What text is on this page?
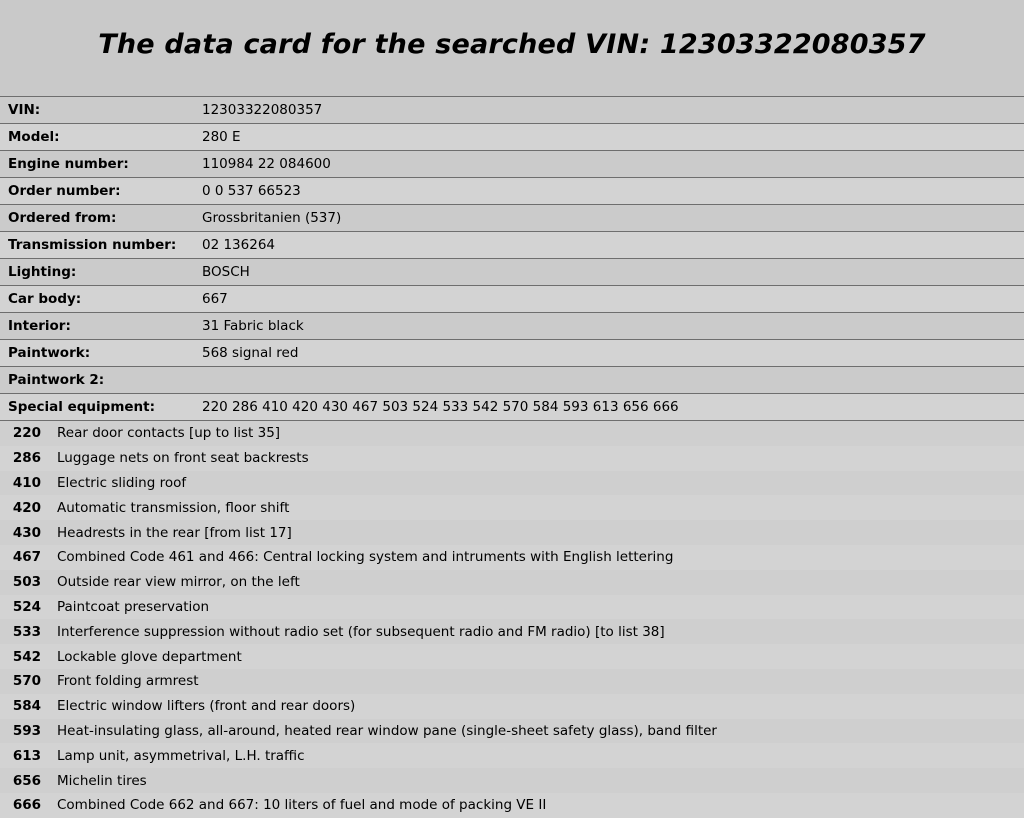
The data card for the searched VIN: 12303322080357
VIN:	12303322080357
Model:	280 E
Engine number:	110984 22 084600
Order number:	0 0 537 66523
Ordered from:	Grossbritanien (537)
Transmission number:	02 136264
Lighting:	BOSCH
Car body:	667
Interior:	31 Fabric black
Paintwork:	568 signal red
Paintwork 2:
Special equipment:	220 286 410 420 430 467 503 524 533 542 570 584 593 613 656 666
220	Rear door contacts [up to list 35]
286	Luggage nets on front seat backrests
410	Electric sliding roof
420	Automatic transmission, floor shift
430	Headrests in the rear [from list 17]
467	Combined Code 461 and 466: Central locking system and intruments with English lettering
503	Outside rear view mirror, on the left
524	Paintcoat preservation
533	Interference suppression without radio set (for subsequent radio and FM radio) [to list 38]
542	Lockable glove department
570	Front folding armrest
584	Electric window lifters (front and rear doors)
593	Heat-insulating glass, all-around, heated rear window pane (single-sheet safety glass), band filter
613	Lamp unit, asymmetrival, L.H. traffic
656	Michelin tires
666	Combined Code 662 and 667: 10 liters of fuel and mode of packing VE II
